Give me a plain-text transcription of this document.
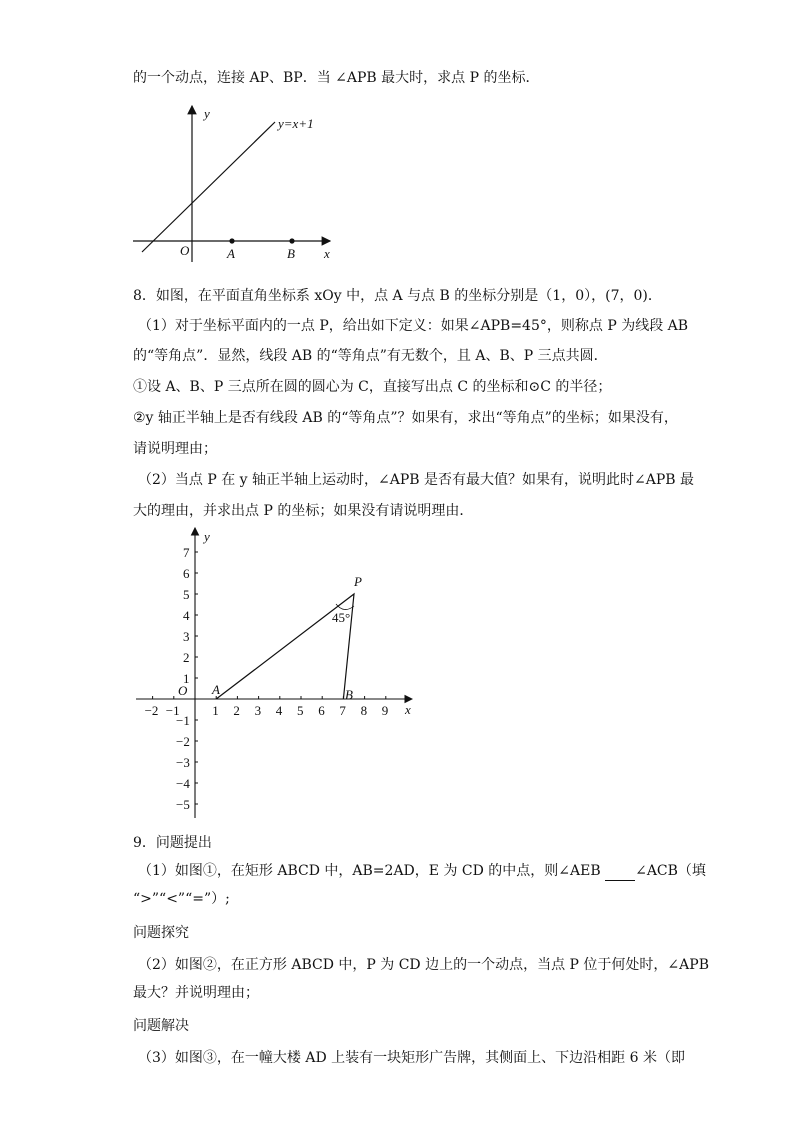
的一个动点，连接 AP、BP．当 ∠APB 最大时，求点 P 的坐标．
y
x
O
y=x+1
A	B
8．如图，在平面直角坐标系 xOy 中，点 A 与点 B 的坐标分别是（1，0），(7，0)．
（1）对于坐标平面内的一点 P，给出如下定义：如果∠APB=45°，则称点 P 为线段 AB
的“等角点”．显然，线段 AB 的“等角点”有无数个，且 A、B、P 三点共圆．
①设 A、B、P 三点所在圆的圆心为 C，直接写出点 C 的坐标和⊙C 的半径；
②y 轴正半轴上是否有线段 AB 的“等角点”？如果有，求出“等角点”的坐标；如果没有，
请说明理由；
（2）当点 P 在 y 轴正半轴上运动时，∠APB 是否有最大值？如果有，说明此时∠APB 最
大的理由，并求出点 P 的坐标；如果没有请说明理由．
−2 −1	1 2 3 4 5 6 7 8 9
7
6
5
4
3
2
1
−1
−2
−3
−4
−5
y
x
O A	B
P
45°
9．问题提出
（1）如图①，在矩形 ABCD 中，AB=2AD，E 为 CD 的中点，则∠AEB ∠ACB（填
“>”“<”“=”）;
问题探究
（2）如图②，在正方形 ABCD 中，P 为 CD 边上的一个动点，当点 P 位于何处时，∠APB
最大？并说明理由；
问题解决
（3）如图③，在一幢大楼 AD 上装有一块矩形广告牌，其侧面上、下边沿相距 6 米（即
